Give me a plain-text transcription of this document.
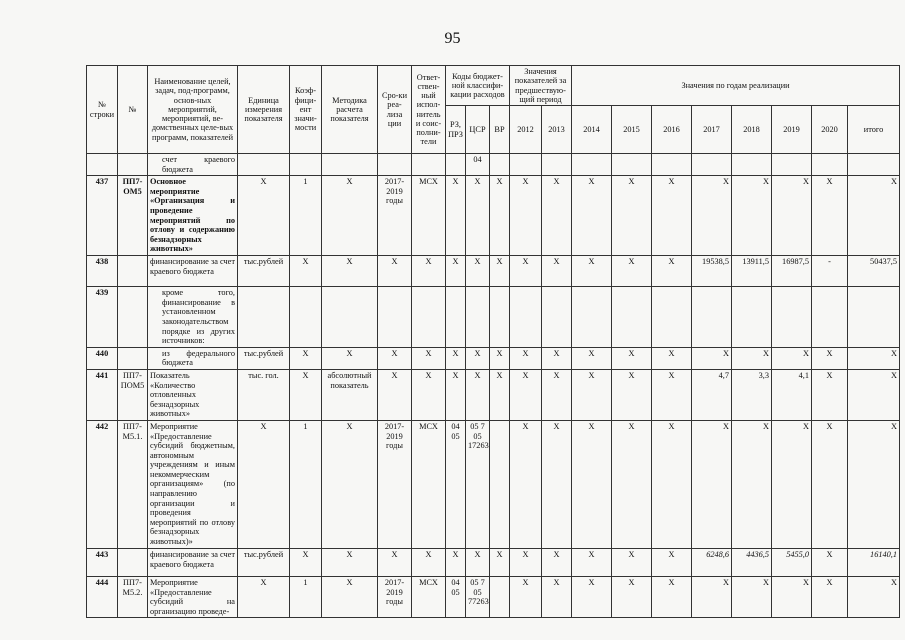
95
№ строки	№	Наименование целей, задач, под-программ, основ-ных мероприятий, мероприятий, ве-домственных целе-вых программ, показателей	Единица измерения показателя	Коэф-фици-ент значи-мости	Методика расчета показателя	Сро-ки реа-лиза ции	Ответ-ствен-ный испол-нитель и соис-полни-тели	Коды бюджет-ной классифи-кации расходов			Значения показателей за предшествую-щий период		Значения по годам реализации							
								РЗ, ПРЗ	ЦСР	ВР	2012	2013	2014	2015	2016	2017	2018	2019	2020	итого
		счет краевого бюджета							04											
437	ПП7-ОМ5	Основное мероприятие «Организация и проведение мероприятий по отлову и содержанию безнадзорных животных»	Х	1	Х	2017-2019 годы	МСХ	Х	Х	Х	Х	Х	Х	Х	Х	Х	Х	Х	Х	Х
438		финансирование за счет краевого бюджета	тыс.рублей	Х	Х	Х	Х	Х	Х	Х	Х	Х	Х	Х	Х	19538,5	13911,5	16987,5	-	50437,5
439		кроме того, финансирование в установленном законодательством порядке из других источников:																		
440		из федерального бюджета	тыс.рублей	Х	Х	Х	Х	Х	Х	Х	Х	Х	Х	Х	Х	Х	Х	Х	Х	Х
441	ПП7-ПОМ5	Показатель «Количество отловленных безнадзорных животных»	тыс. гол.	Х	абсолютный показатель	Х	Х	Х	Х	Х	Х	Х	Х	Х	Х	4,7	3,3	4,1	Х	Х
442	ПП7-М5.1.	Мероприятие «Предоставление субсидий бюджетным, автономным учреждениям и иным некоммерческим организациям» (по направлению организации и проведения мероприятий по отлову безнадзорных животных)»	Х	1	Х	2017-2019 годы	МСХ	04 05	05 7 05 17263		Х	Х	Х	Х	Х	Х	Х	Х	Х	Х
443		финансирование за счет краевого бюджета	тыс.рублей	Х	Х	Х	Х	Х	Х	Х	Х	Х	Х	Х	Х	6248,6	4436,5	5455,0	Х	16140,1
444	ПП7-М5.2.	Мероприятие «Предоставление субсидий на организацию проведе-	Х	1	Х	2017-2019 годы	МСХ	04 05	05 7 05 77263		Х	Х	Х	Х	Х	Х	Х	Х	Х	Х
